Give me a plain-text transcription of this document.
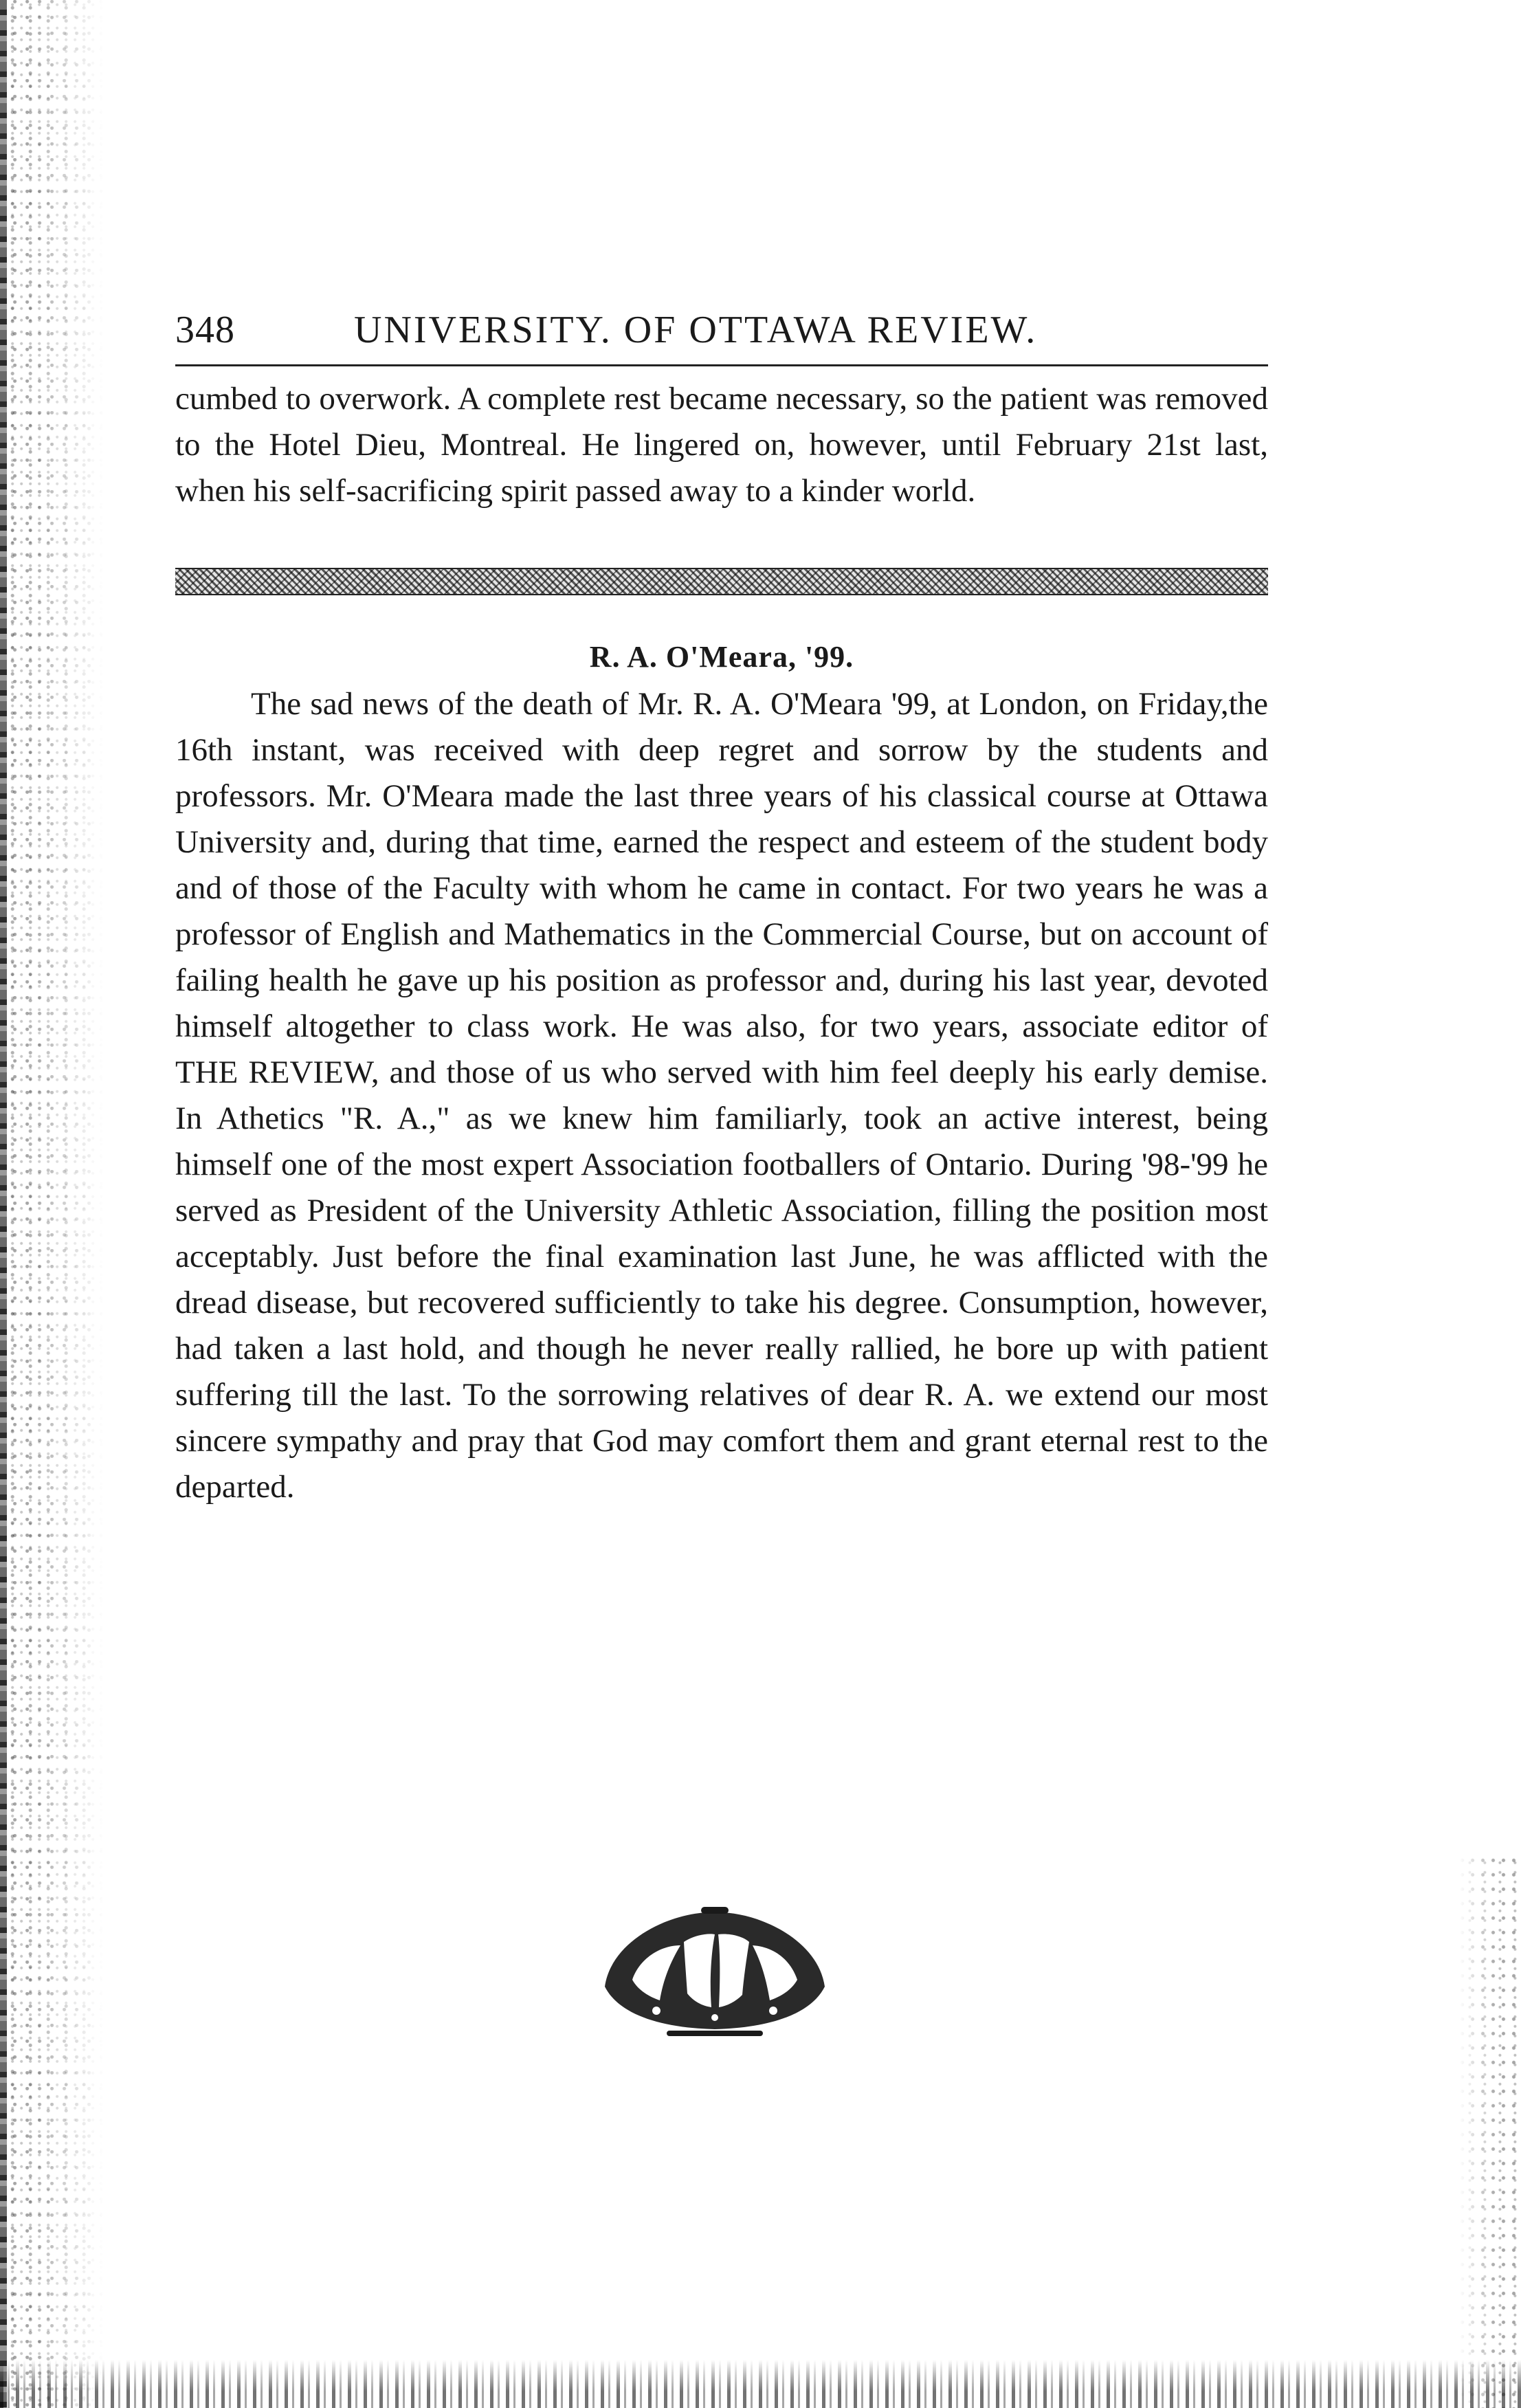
348	UNIVERSITY. OF OTTAWA REVIEW.

cumbed to overwork. A complete rest became necessary, so the patient was removed to the Hotel Dieu, Montreal. He lingered on, however, until February 21st last, when his self-sacrificing spirit passed away to a kinder world.

R. A. O'Meara, '99.

The sad news of the death of Mr. R. A. O'Meara '99, at London, on Friday,the 16th instant, was received with deep regret and sorrow by the students and professors. Mr. O'Meara made the last three years of his classical course at Ottawa University and, during that time, earned the respect and esteem of the student body and of those of the Faculty with whom he came in contact. For two years he was a professor of English and Mathematics in the Commercial Course, but on account of failing health he gave up his position as professor and, during his last year, devoted himself altogether to class work. He was also, for two years, associate editor of THE REVIEW, and those of us who served with him feel deeply his early demise. In Athetics "R. A.," as we knew him familiarly, took an active interest, being himself one of the most expert Association footballers of Ontario. During '98-'99 he served as President of the University Athletic Association, filling the position most acceptably. Just before the final examination last June, he was afflicted with the dread disease, but recovered sufficiently to take his degree. Consumption, however, had taken a last hold, and though he never really rallied, he bore up with patient suffering till the last. To the sorrowing relatives of dear R. A. we extend our most sincere sympathy and pray that God may comfort them and grant eternal rest to the departed.
